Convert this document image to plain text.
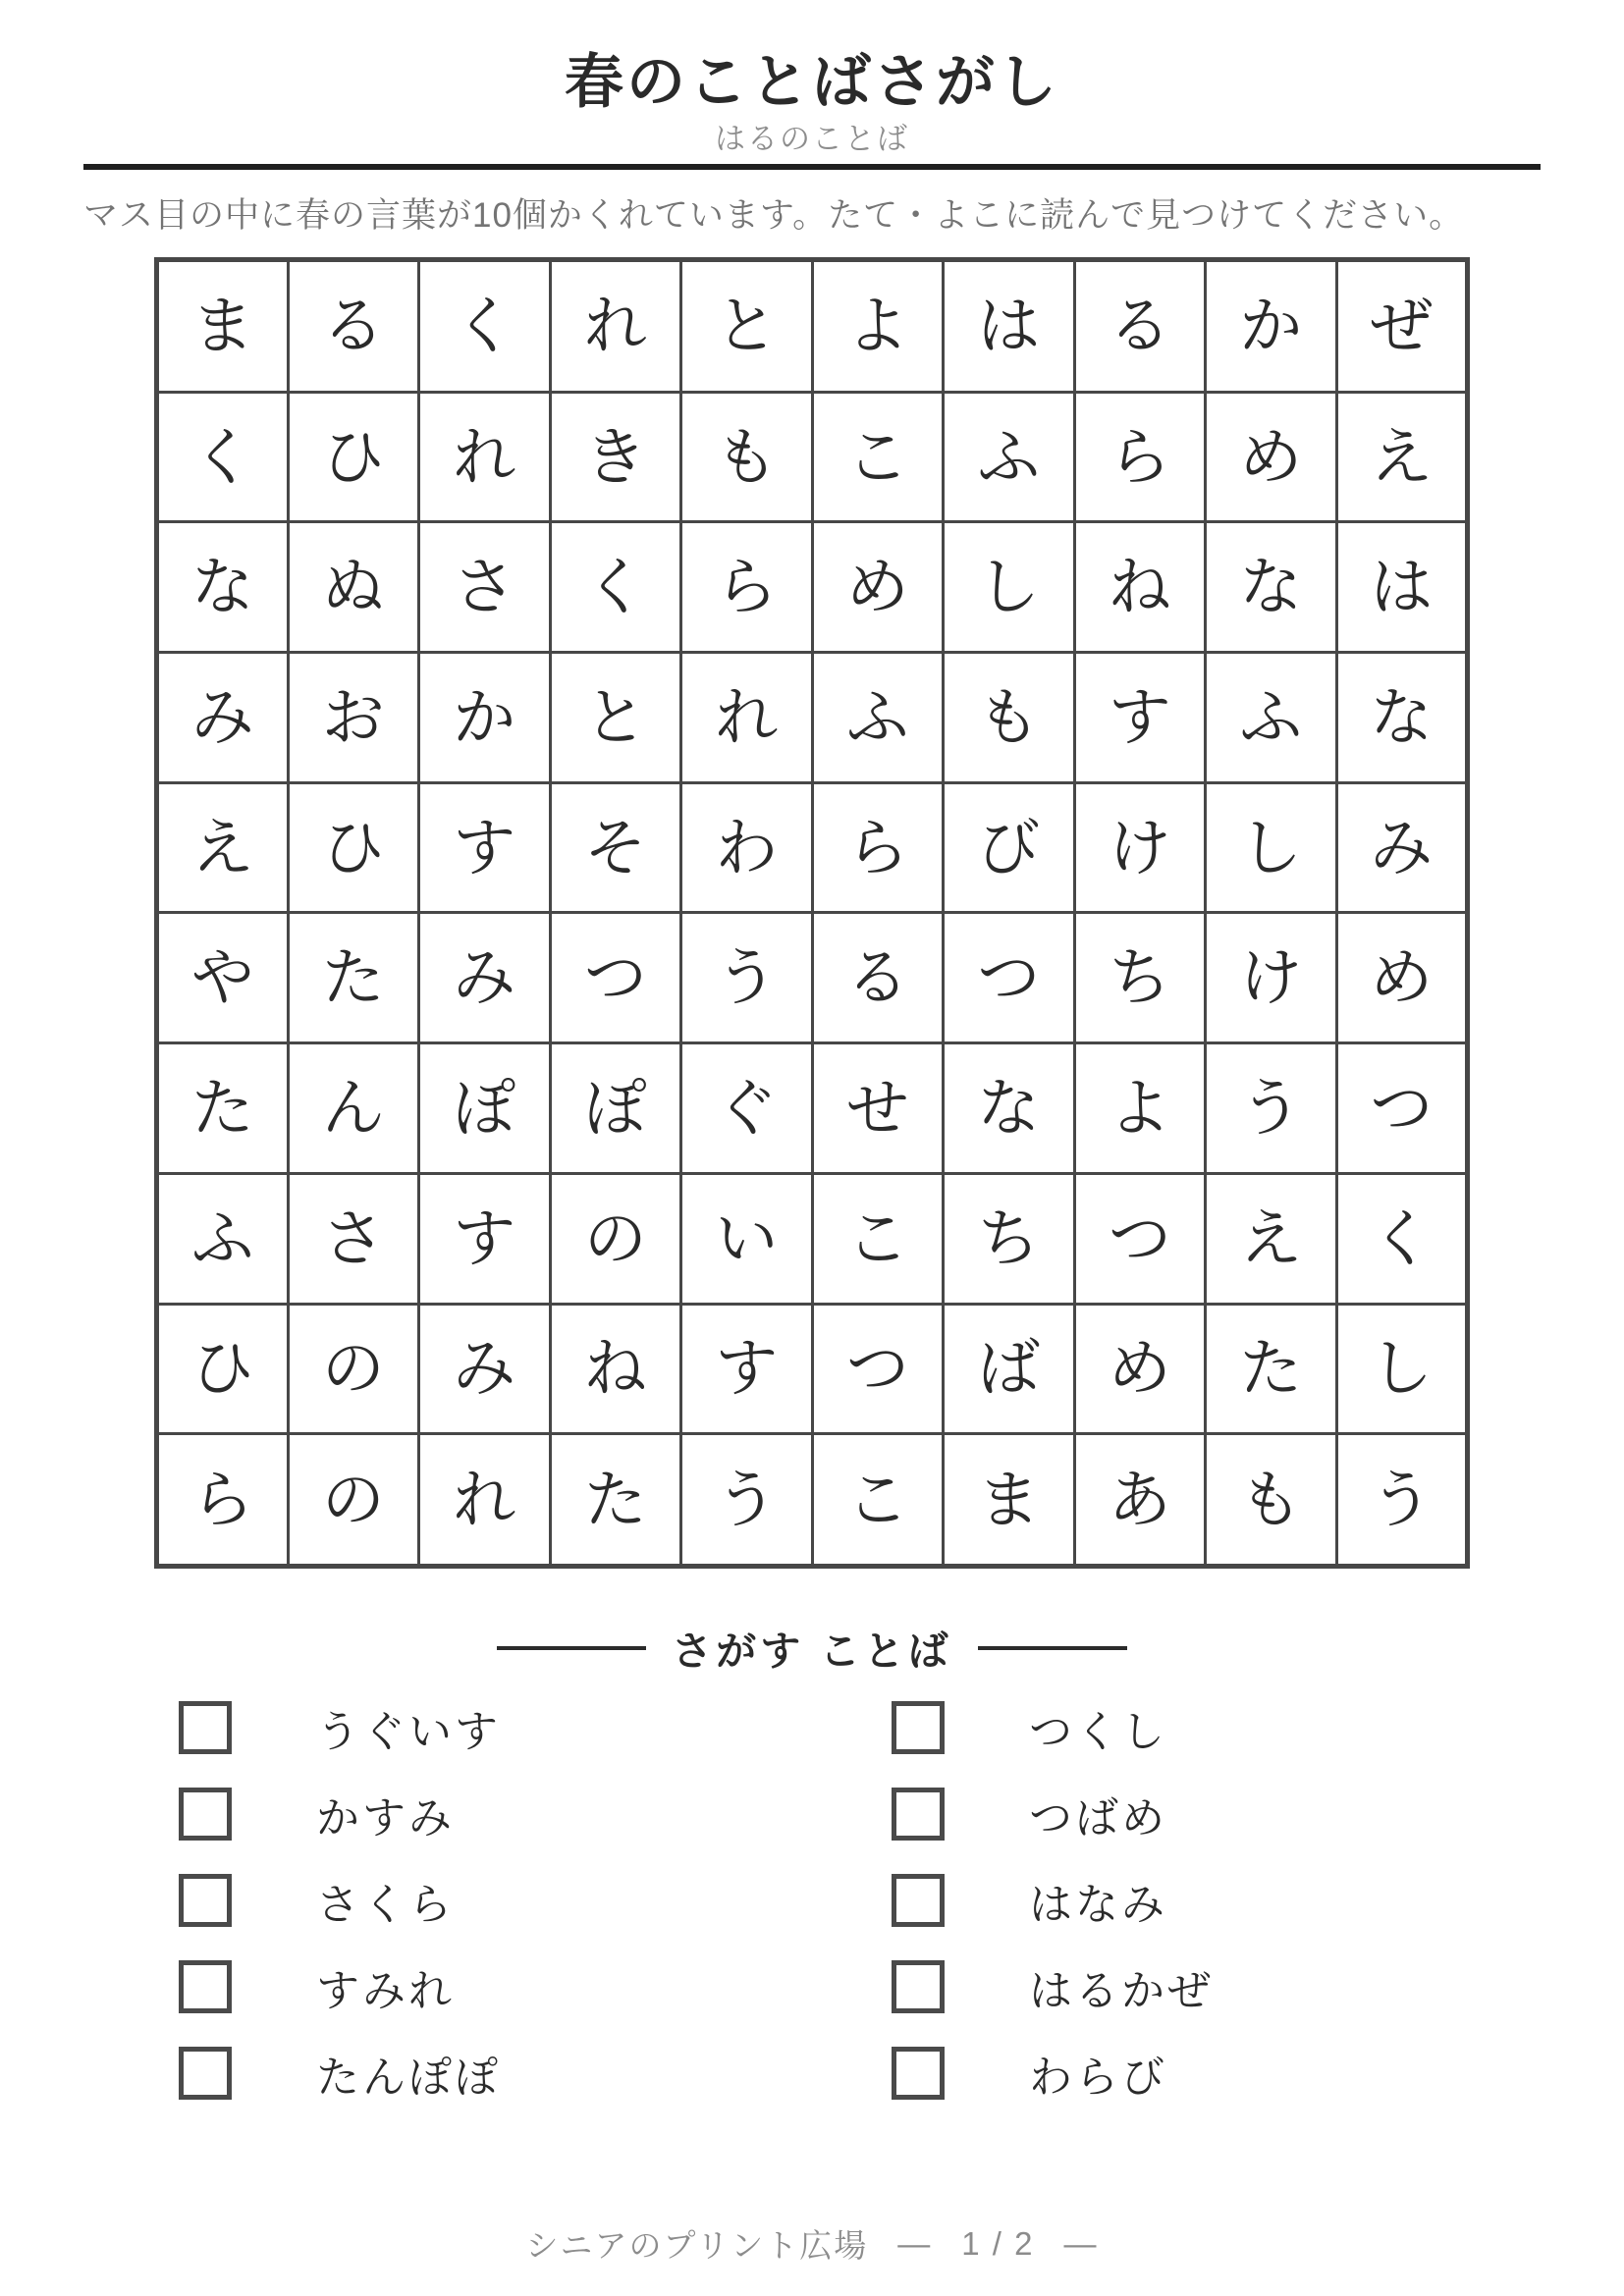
春のことばさがし
はるのことば
マス目の中に春の言葉が10個かくれています。たて・よこに読んで見つけてください。
ま	る	く	れ	と	よ	は	る	か	ぜ
く	ひ	れ	き	も	こ	ふ	ら	め	え
な	ぬ	さ	く	ら	め	し	ね	な	は
み	お	か	と	れ	ふ	も	す	ふ	な
え	ひ	す	そ	わ	ら	び	け	し	み
や	た	み	つ	う	る	つ	ち	け	め
た	ん	ぽ	ぽ	ぐ	せ	な	よ	う	つ
ふ	さ	す	の	い	こ	ち	つ	え	く
ひ	の	み	ね	す	つ	ば	め	た	し
ら	の	れ	た	う	こ	ま	あ	も	う
さがす ことば
うぐいす
かすみ
さくら
すみれ
たんぽぽ
つくし
つばめ
はなみ
はるかぜ
わらび
シニアのプリント広場 — 1 / 2 —
